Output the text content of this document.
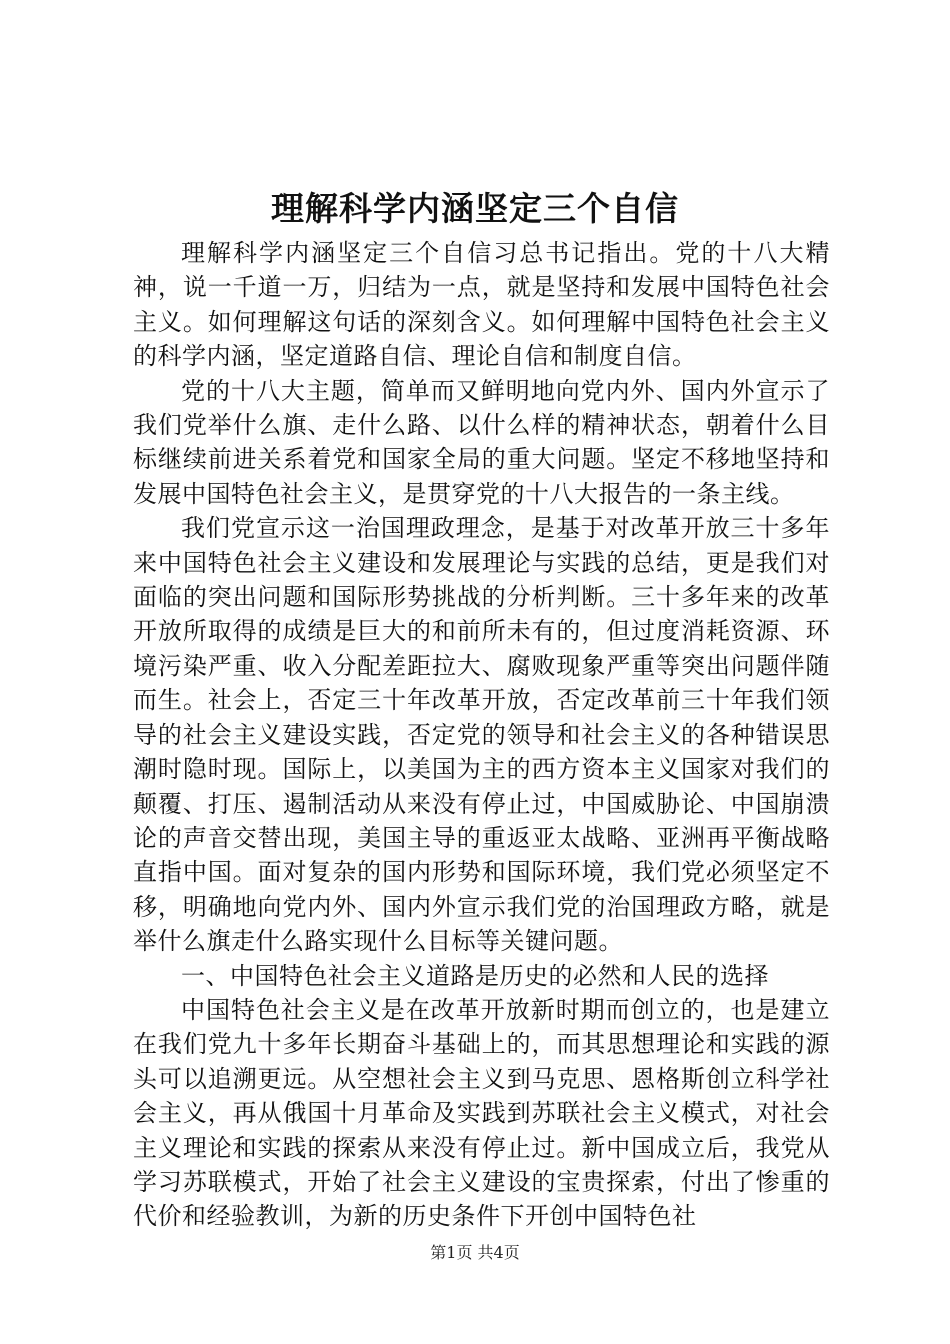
理解科学内涵坚定三个自信

理解科学内涵坚定三个自信习总书记指出。党的十八大精神，说一千道一万，归结为一点，就是坚持和发展中国特色社会主义。如何理解这句话的深刻含义。如何理解中国特色社会主义的科学内涵，坚定道路自信、理论自信和制度自信。

党的十八大主题，简单而又鲜明地向党内外、国内外宣示了我们党举什么旗、走什么路、以什么样的精神状态，朝着什么目标继续前进关系着党和国家全局的重大问题。坚定不移地坚持和发展中国特色社会主义，是贯穿党的十八大报告的一条主线。

我们党宣示这一治国理政理念，是基于对改革开放三十多年来中国特色社会主义建设和发展理论与实践的总结，更是我们对面临的突出问题和国际形势挑战的分析判断。三十多年来的改革开放所取得的成绩是巨大的和前所未有的，但过度消耗资源、环境污染严重、收入分配差距拉大、腐败现象严重等突出问题伴随而生。社会上，否定三十年改革开放，否定改革前三十年我们领导的社会主义建设实践，否定党的领导和社会主义的各种错误思潮时隐时现。国际上，以美国为主的西方资本主义国家对我们的颠覆、打压、遏制活动从来没有停止过，中国威胁论、中国崩溃论的声音交替出现，美国主导的重返亚太战略、亚洲再平衡战略直指中国。面对复杂的国内形势和国际环境，我们党必须坚定不移，明确地向党内外、国内外宣示我们党的治国理政方略，就是举什么旗走什么路实现什么目标等关键问题。

一、中国特色社会主义道路是历史的必然和人民的选择

中国特色社会主义是在改革开放新时期而创立的，也是建立在我们党九十多年长期奋斗基础上的，而其思想理论和实践的源头可以追溯更远。从空想社会主义到马克思、恩格斯创立科学社会主义，再从俄国十月革命及实践到苏联社会主义模式，对社会主义理论和实践的探索从来没有停止过。新中国成立后，我党从学习苏联模式，开始了社会主义建设的宝贵探索，付出了惨重的代价和经验教训，为新的历史条件下开创中国特色社

第1页 共4页
